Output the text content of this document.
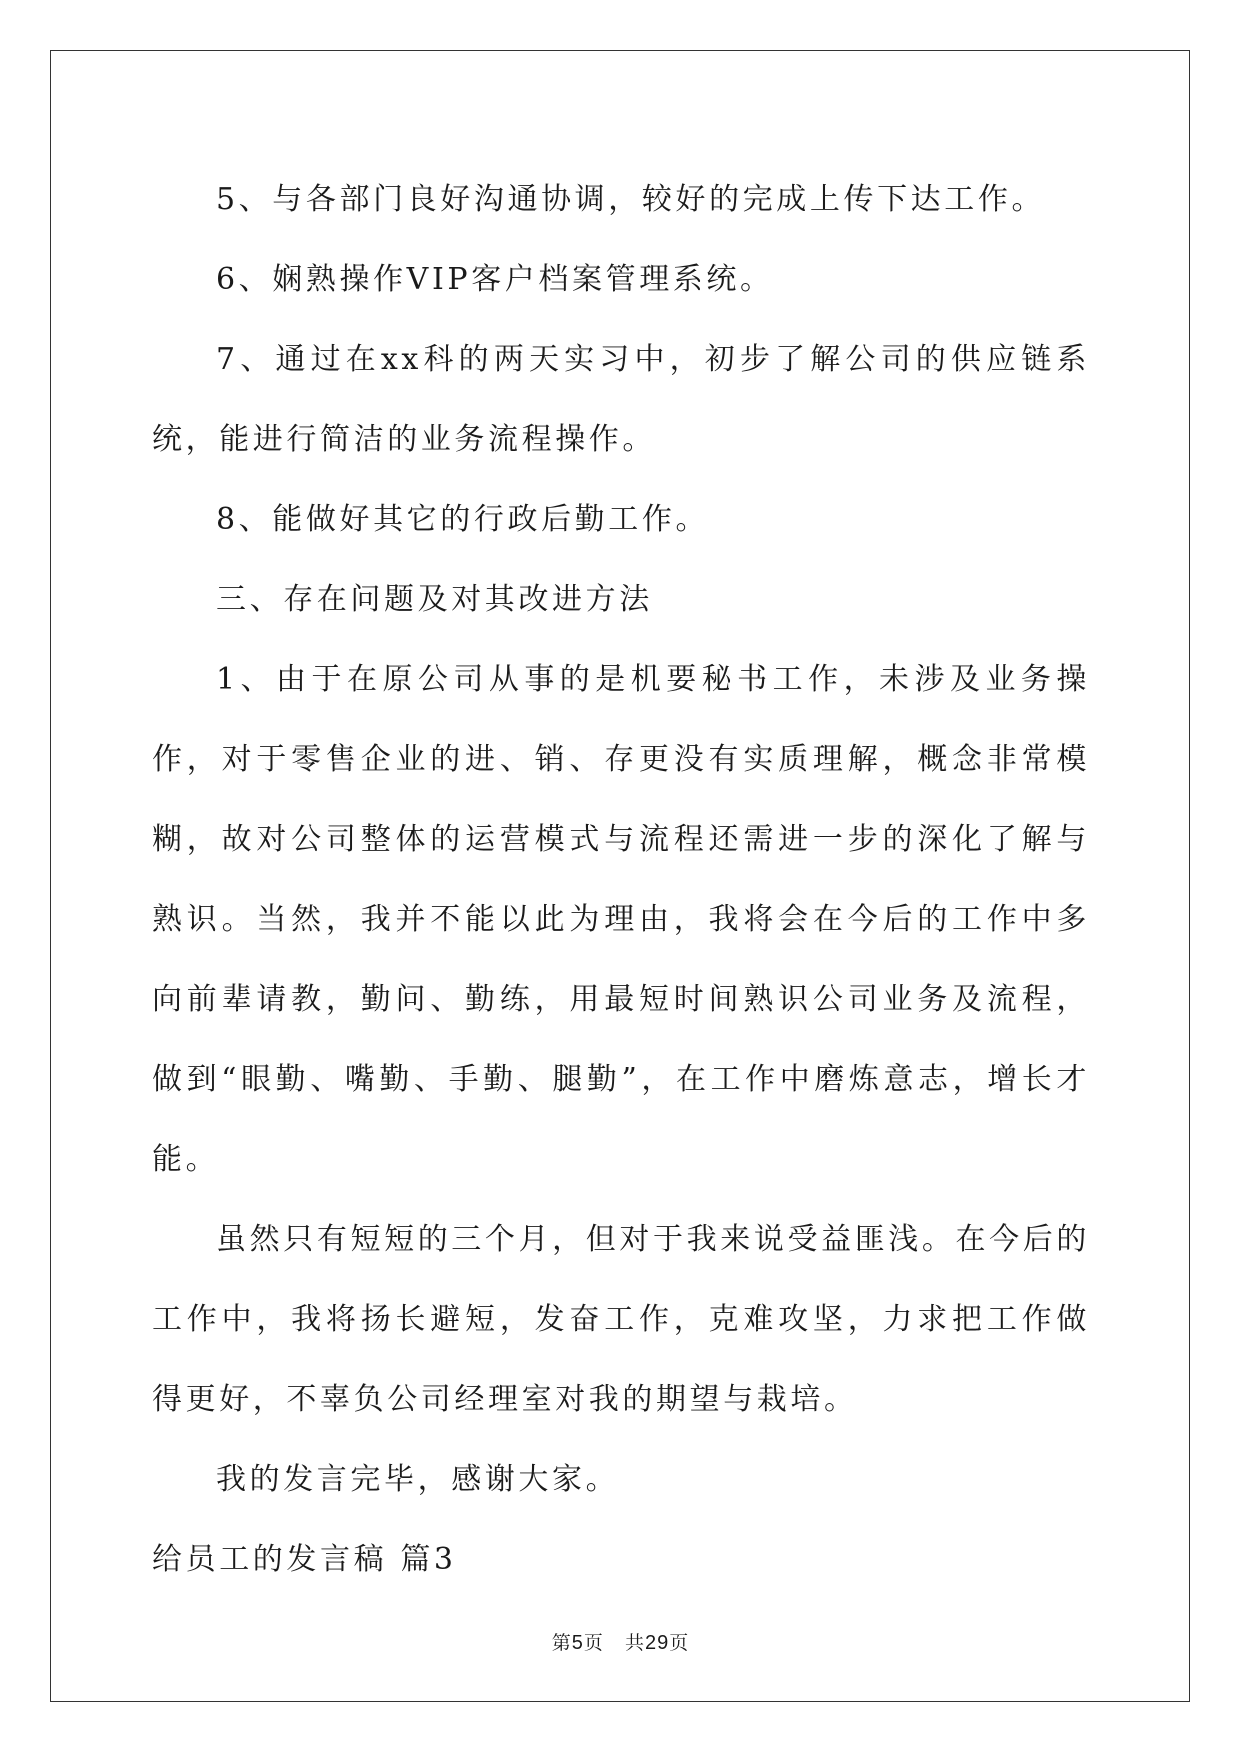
5、与各部门良好沟通协调，较好的完成上传下达工作。

6、娴熟操作VIP客户档案管理系统。

7、通过在xx科的两天实习中，初步了解公司的供应链系统，能进行简洁的业务流程操作。

8、能做好其它的行政后勤工作。

三、存在问题及对其改进方法

1、由于在原公司从事的是机要秘书工作，未涉及业务操作，对于零售企业的进、销、存更没有实质理解，概念非常模糊，故对公司整体的运营模式与流程还需进一步的深化了解与熟识。当然，我并不能以此为理由，我将会在今后的工作中多向前辈请教，勤问、勤练，用最短时间熟识公司业务及流程，做到“眼勤、嘴勤、手勤、腿勤”，在工作中磨炼意志，增长才能。

虽然只有短短的三个月，但对于我来说受益匪浅。在今后的工作中，我将扬长避短，发奋工作，克难攻坚，力求把工作做得更好，不辜负公司经理室对我的期望与栽培。

我的发言完毕，感谢大家。

给员工的发言稿 篇3

第5页 共29页
